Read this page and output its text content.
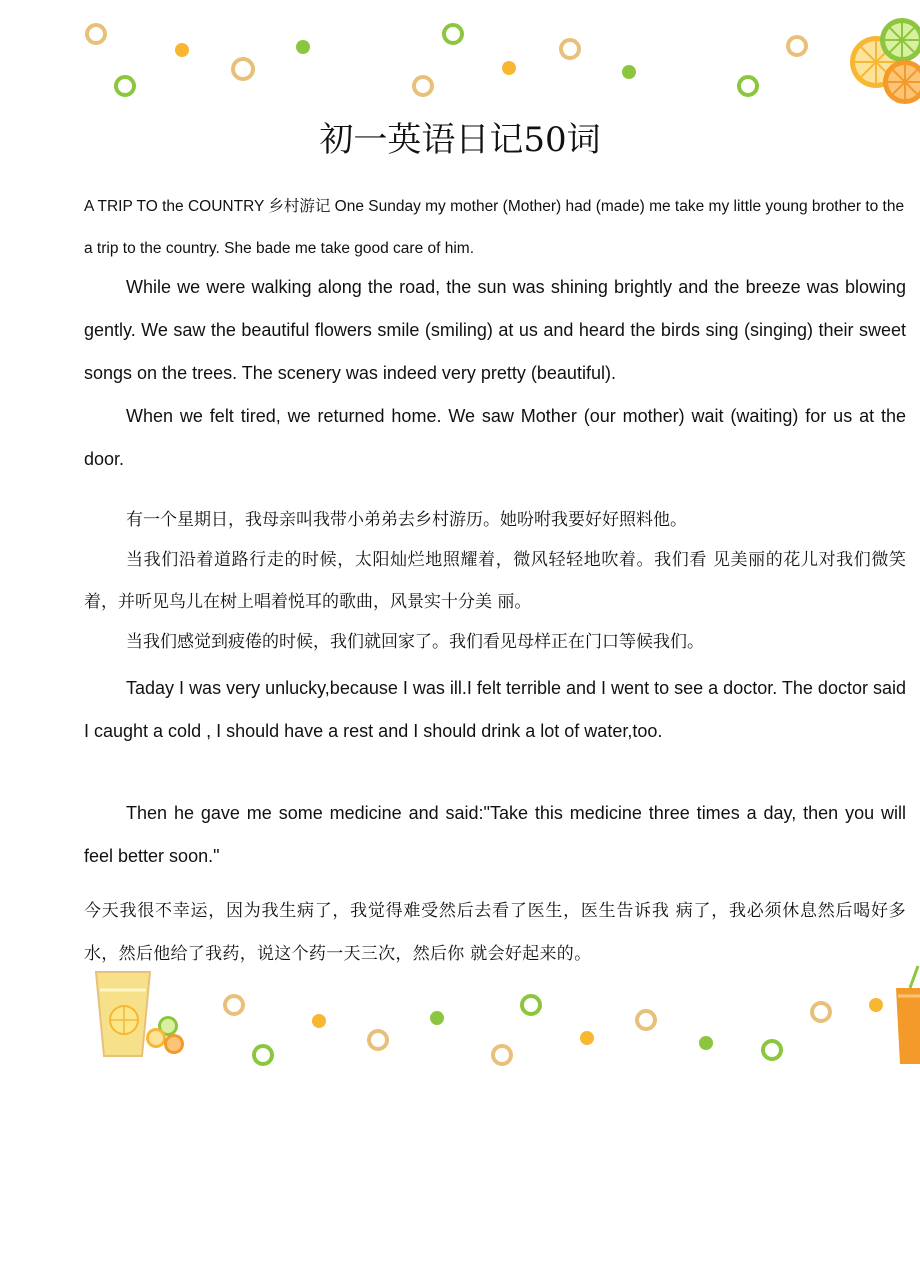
初一英语日记50词

A TRIP TO the COUNTRY 乡村游记 One Sunday my mother (Mother) had (made) me take my little young brother to the a trip to the country. She bade me take good care of him.

While we were walking along the road, the sun was shining brightly and the breeze was blowing gently. We saw the beautiful flowers smile (smiling) at us and heard the birds sing (singing) their sweet songs on the trees. The scenery was indeed very pretty (beautiful).

When we felt tired, we returned home. We saw Mother (our mother) wait (waiting) for us at the door.

有一个星期日，我母亲叫我带小弟弟去乡村游历。她吩咐我要好好照料他。

当我们沿着道路行走的时候，太阳灿烂地照耀着，微风轻轻地吹着。我们看 见美丽的花儿对我们微笑着，并听见鸟儿在树上唱着悦耳的歌曲，风景实十分美 丽。

当我们感觉到疲倦的时候，我们就回家了。我们看见母样正在门口等候我们。

Taday I was very unlucky,because I was ill.I felt terrible and I went to see a doctor. The doctor said I caught a cold , I should have a rest and I should drink a lot of water,too.

Then he gave me some medicine and said:"Take this medicine three times a day, then you will feel better soon."

今天我很不幸运，因为我生病了，我觉得难受然后去看了医生，医生告诉我 病了，我必须休息然后喝好多水，然后他给了我药，说这个药一天三次，然后你 就会好起来的。
